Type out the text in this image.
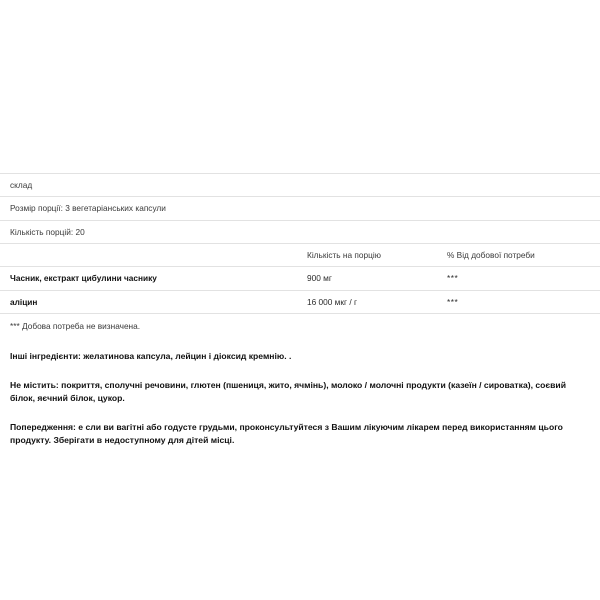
склад		

Розмір порції: 3 вегетаріанських капсули		

Кількість порцій: 20		

	Кількість на порцію	% Від добової потреби

Часник, екстракт цибулини часнику	900 мг	***

аліцин	16 000 мкг / г	***
*** Добова потреба не визначена.
Інші інгредієнти: желатинова капсула, лейцин і діоксид кремнію. .
Не містить: покриття, сполучні речовини, глютен (пшениця, жито, ячмінь), молоко / молочні продукти (казеїн / сироватка), соєвий білок, яєчний білок, цукор.
Попередження: е сли ви вагітні або годусте грудьми, проконсультуйтеся з Вашим лікуючим лікарем перед використанням цього продукту. Зберігати в недоступному для дітей місці.
